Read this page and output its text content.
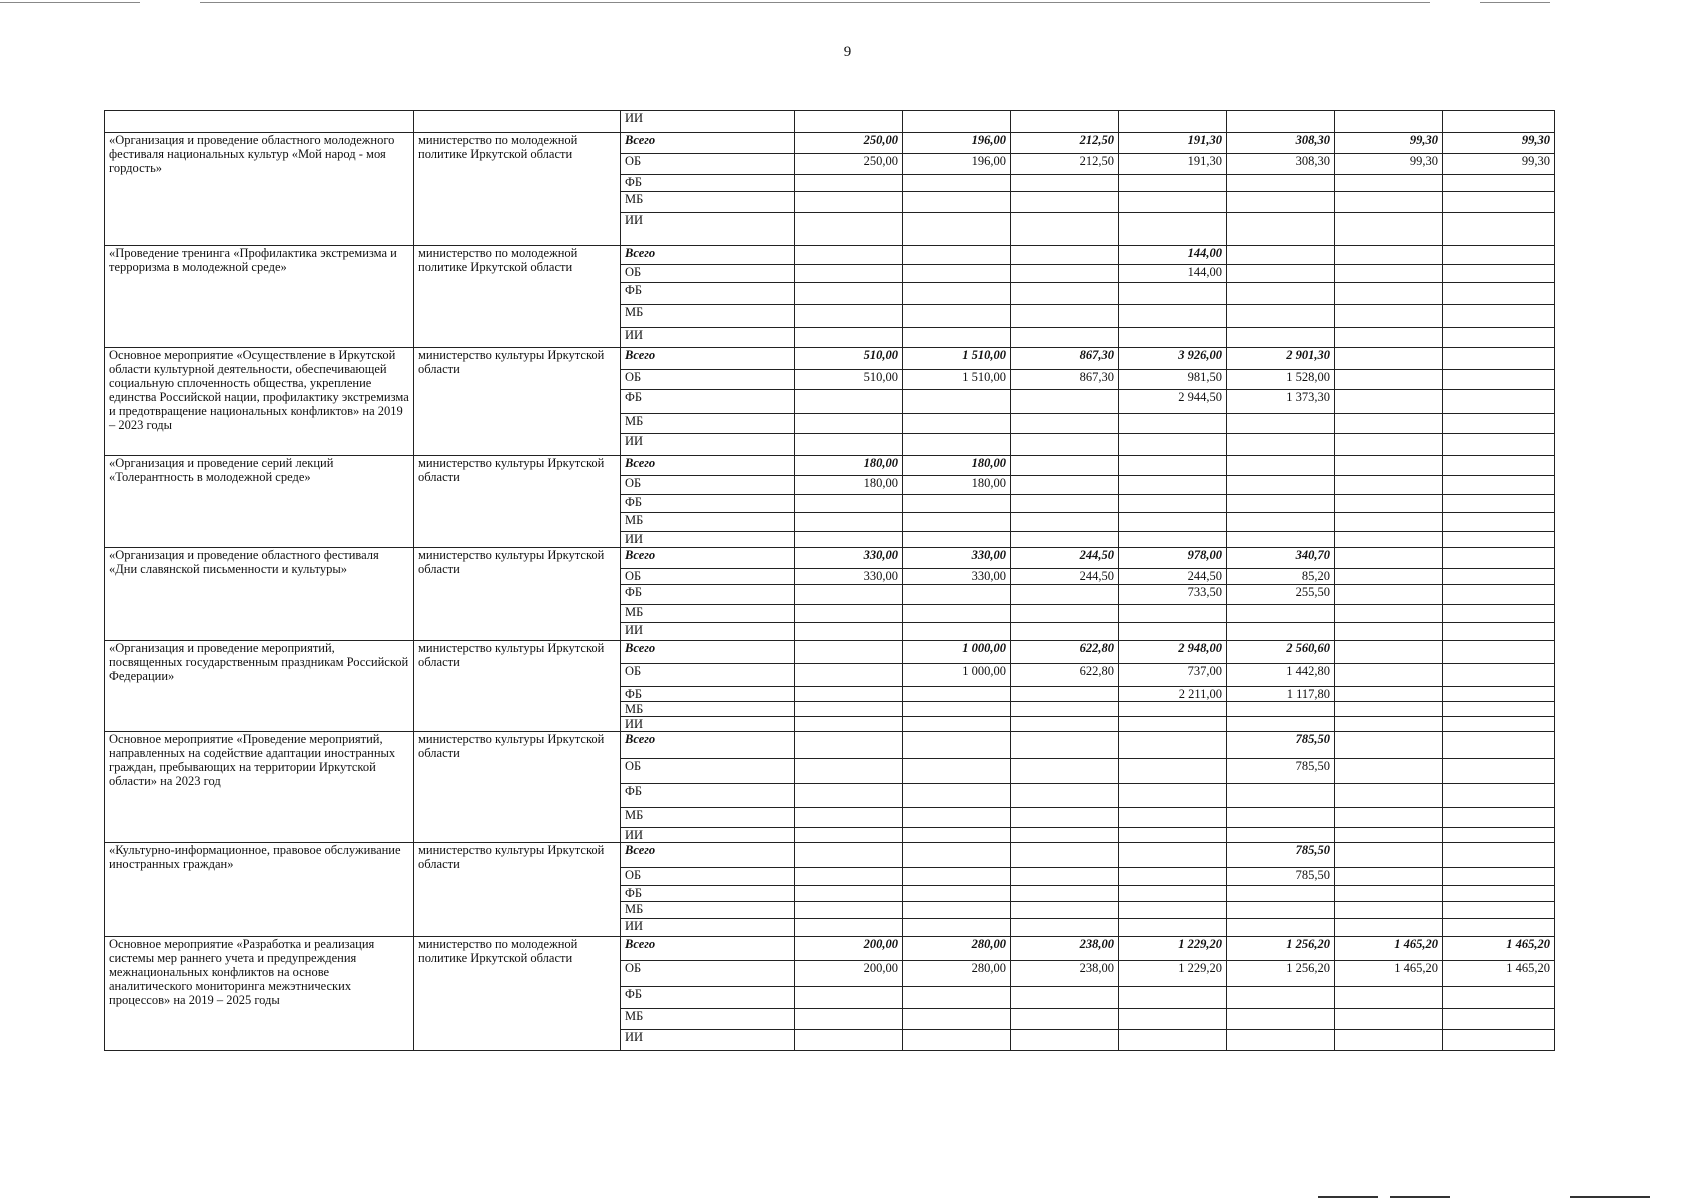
9
		ИИ							
«Организация и проведение областного молодежного фестиваля национальных культур «Мой народ - моя гордость»	министерство по молодежной политике Иркутской области	Всего	250,00	196,00	212,50	191,30	308,30	99,30	99,30
		ОБ	250,00	196,00	212,50	191,30	308,30	99,30	99,30
		ФБ							
		МБ							
		ИИ							
«Проведение тренинга «Профилактика экстремизма и терроризма в молодежной среде»	министерство по молодежной политике Иркутской области	Всего				144,00			
		ОБ				144,00			
		ФБ							
		МБ							
		ИИ							
Основное мероприятие «Осуществление в Иркутской области культурной деятельности, обеспечивающей социальную сплоченность общества, укрепление единства Российской нации, профилактику экстремизма и предотвращение национальных конфликтов» на 2019 – 2023 годы	министерство культуры Иркутской области	Всего	510,00	1 510,00	867,30	3 926,00	2 901,30		
		ОБ	510,00	1 510,00	867,30	981,50	1 528,00		
		ФБ				2 944,50	1 373,30		
		МБ							
		ИИ							
«Организация и проведение серий лекций «Толерантность в молодежной среде»	министерство культуры Иркутской области	Всего	180,00	180,00					
		ОБ	180,00	180,00					
		ФБ							
		МБ							
		ИИ							
«Организация и проведение областного фестиваля «Дни славянской письменности и культуры»	министерство культуры Иркутской области	Всего	330,00	330,00	244,50	978,00	340,70		
		ОБ	330,00	330,00	244,50	244,50	85,20		
		ФБ				733,50	255,50		
		МБ							
		ИИ							
«Организация и проведение мероприятий, посвященных государственным праздникам Российской Федерации»	министерство культуры Иркутской области	Всего		1 000,00	622,80	2 948,00	2 560,60		
		ОБ		1 000,00	622,80	737,00	1 442,80		
		ФБ				2 211,00	1 117,80		
		МБ							
		ИИ							
Основное мероприятие «Проведение мероприятий, направленных на содействие адаптации иностранных граждан, пребывающих на территории Иркутской области» на 2023 год	министерство культуры Иркутской области	Всего					785,50		
		ОБ					785,50		
		ФБ							
		МБ							
		ИИ							
«Культурно-информационное, правовое обслуживание иностранных граждан»	министерство культуры Иркутской области	Всего					785,50		
		ОБ					785,50		
		ФБ							
		МБ							
		ИИ							
Основное мероприятие «Разработка и реализация системы мер раннего учета и предупреждения межнациональных конфликтов на основе аналитического мониторинга межэтнических процессов» на 2019 – 2025 годы	министерство по молодежной политике Иркутской области	Всего	200,00	280,00	238,00	1 229,20	1 256,20	1 465,20	1 465,20
		ОБ	200,00	280,00	238,00	1 229,20	1 256,20	1 465,20	1 465,20
		ФБ							
		МБ							
		ИИ							
